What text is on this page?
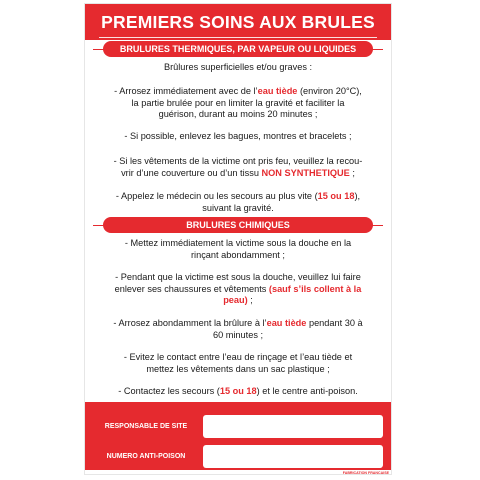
PREMIERS SOINS AUX BRULES
BRULURES THERMIQUES, PAR VAPEUR OU LIQUIDES
Brûlures superficielles et/ou graves :
- Arrosez immédiatement avec de l’eau tiède (environ 20°C),
la partie brulée pour en limiter la gravité et faciliter la
guérison, durant au moins 20 minutes ;
- Si possible, enlevez les bagues, montres et bracelets ;
- Si les vêtements de la victime ont pris feu, veuillez la recou-
vrir d’une couverture ou d’un tissu NON SYNTHETIQUE ;
- Appelez le médecin ou les secours au plus vite (15 ou 18),
suivant la gravité.
BRULURES CHIMIQUES
- Mettez immédiatement la victime sous la douche en la
rinçant abondamment ;
- Pendant que la victime est sous la douche, veuillez lui faire
enlever ses chaussures et vêtements (sauf s’ils collent à la
peau) ;
- Arrosez abondamment la brûlure à l’eau tiède pendant 30 à
60 minutes ;
- Evitez le contact entre l’eau de rinçage et l’eau tiède et
mettez les vêtements dans un sac plastique ;
- Contactez les secours (15 ou 18) et le centre anti-poison.
RESPONSABLE DE SITE
NUMERO ANTI-POISON
FABRICATION FRANCAISE
